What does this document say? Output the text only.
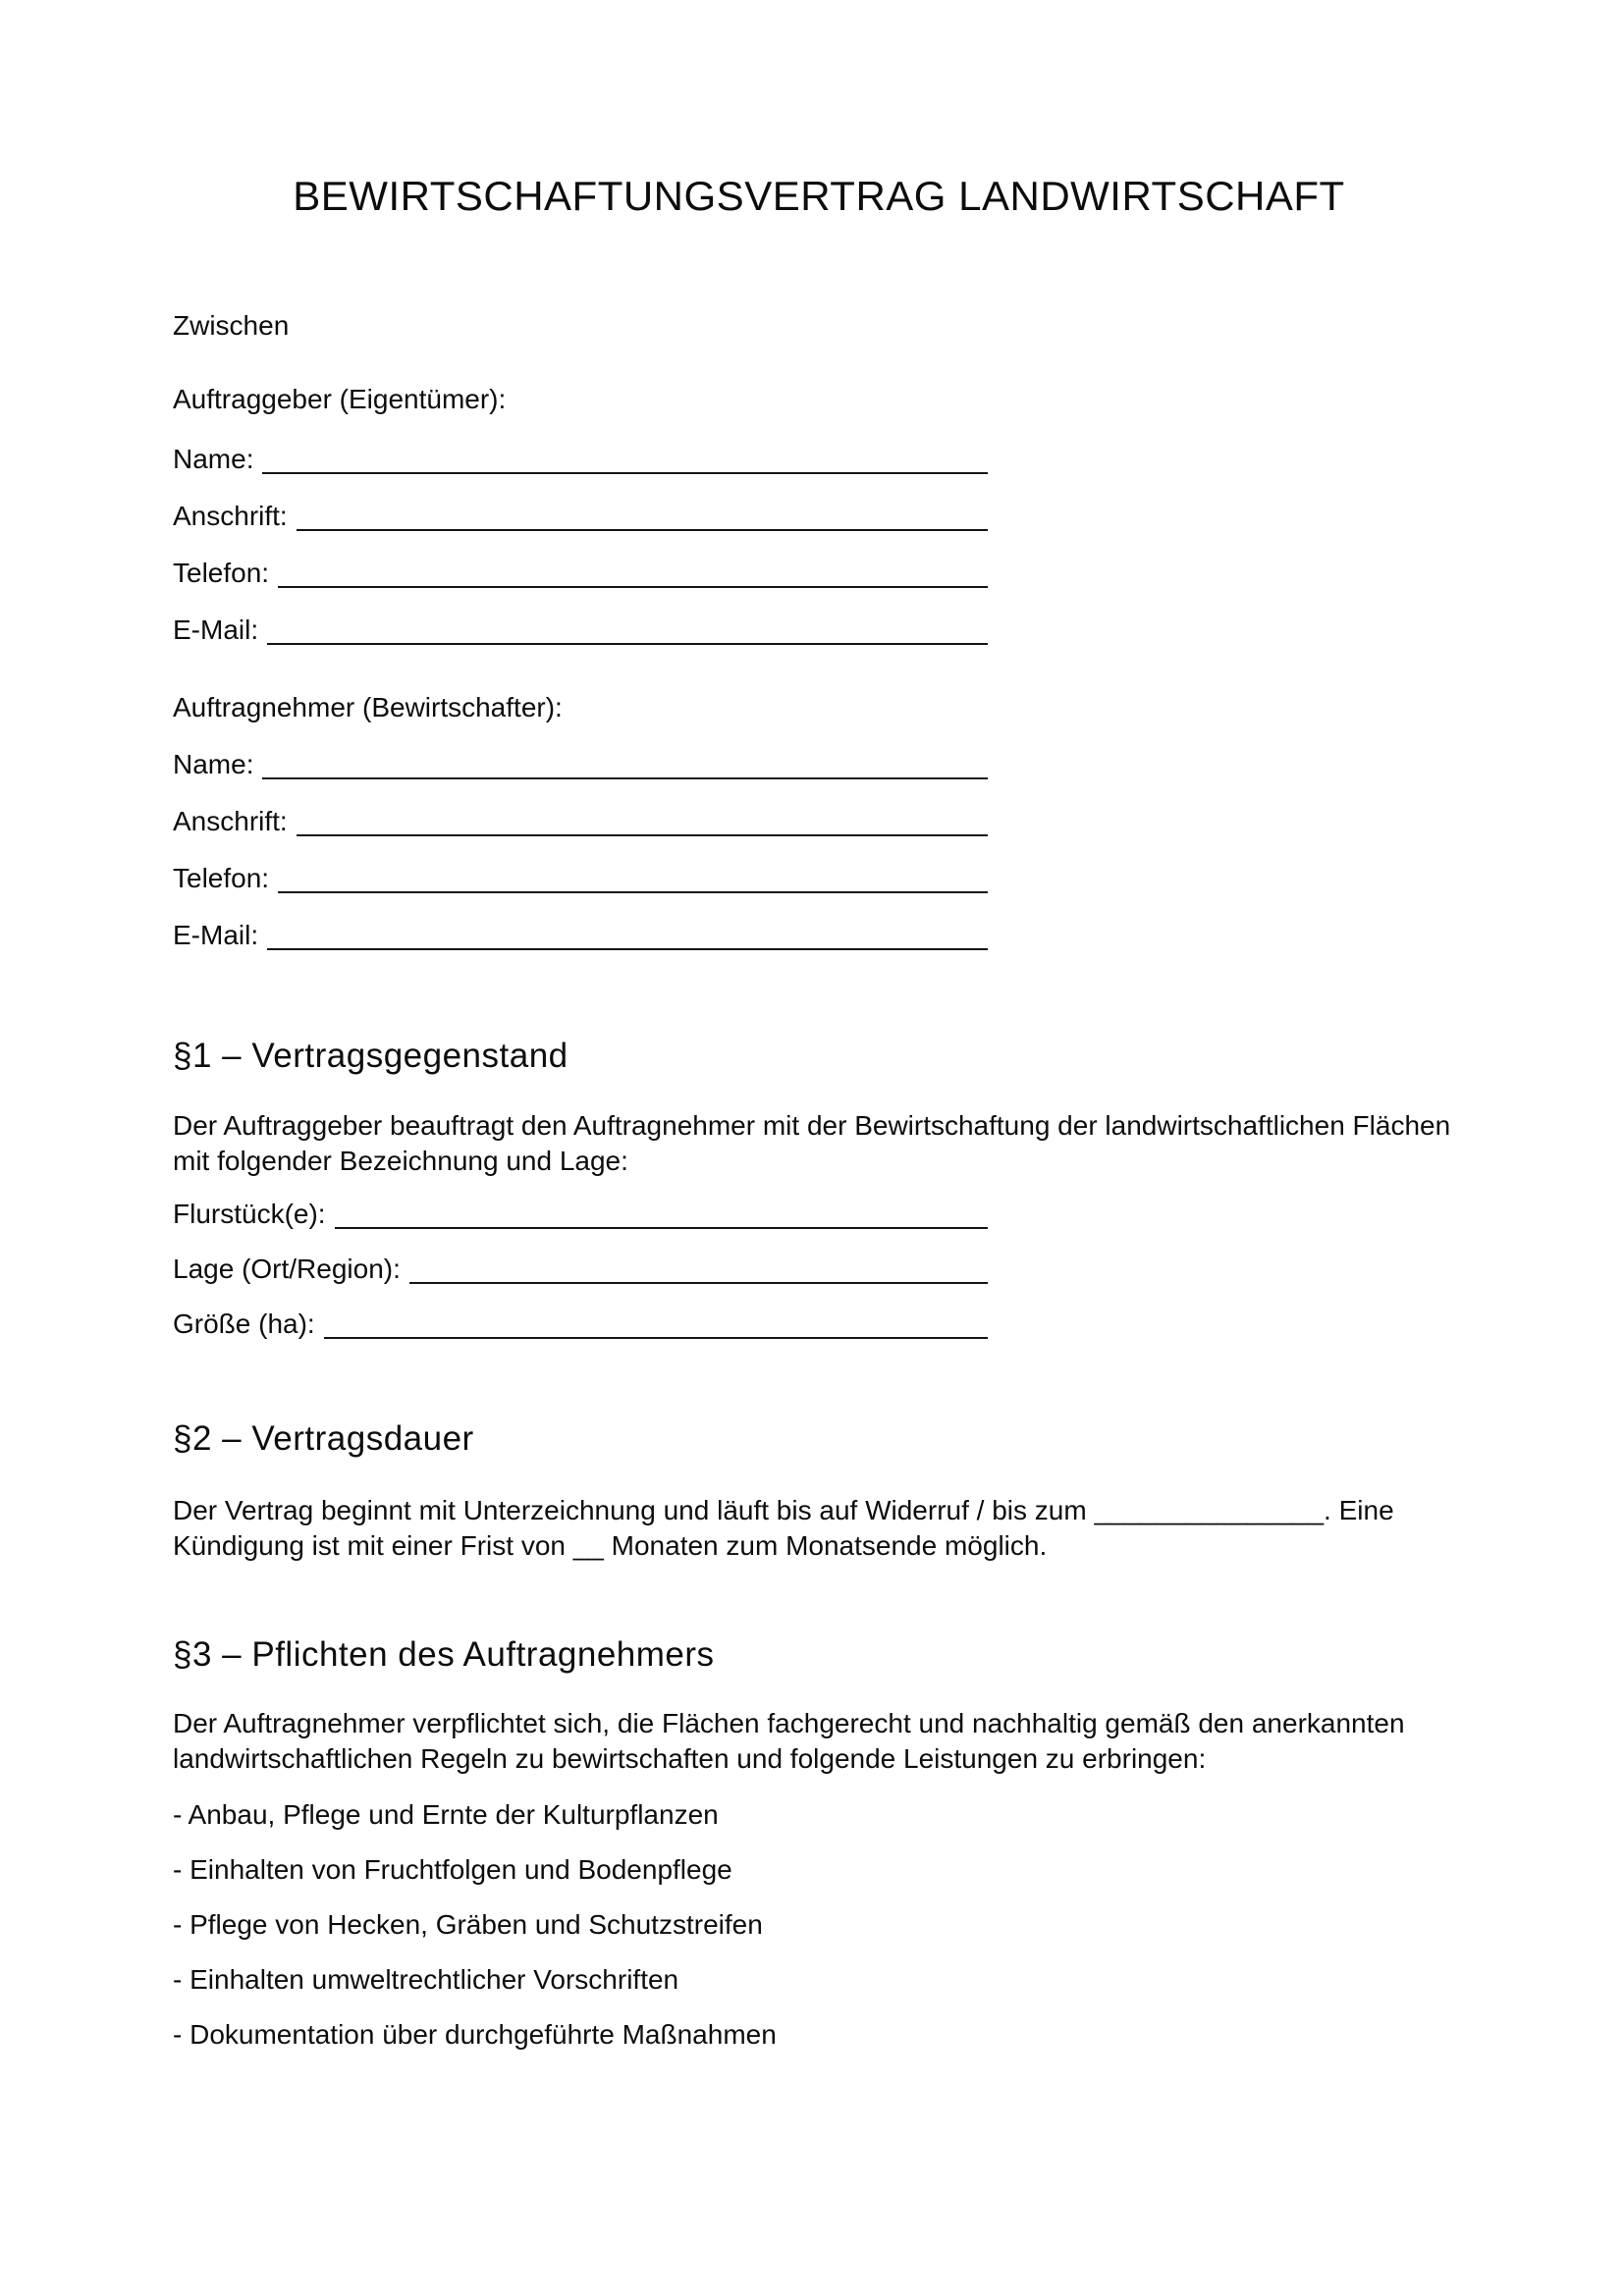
BEWIRTSCHAFTUNGSVERTRAG LANDWIRTSCHAFT
Zwischen
Auftraggeber (Eigentümer):
Name:
Anschrift:
Telefon:
E-Mail:
Auftragnehmer (Bewirtschafter):
Name:
Anschrift:
Telefon:
E-Mail:
§1 – Vertragsgegenstand

Der Auftraggeber beauftragt den Auftragnehmer mit der Bewirtschaftung der landwirtschaftlichen Flächen mit folgender Bezeichnung und Lage:

Flurstück(e):
Lage (Ort/Region):
Größe (ha):
§2 – Vertragsdauer

Der Vertrag beginnt mit Unterzeichnung und läuft bis auf Widerruf / bis zum _______________. Eine Kündigung ist mit einer Frist von __ Monaten zum Monatsende möglich.

§3 – Pflichten des Auftragnehmers

Der Auftragnehmer verpflichtet sich, die Flächen fachgerecht und nachhaltig gemäß den anerkannten landwirtschaftlichen Regeln zu bewirtschaften und folgende Leistungen zu erbringen:

- Anbau, Pflege und Ernte der Kulturpflanzen
- Einhalten von Fruchtfolgen und Bodenpflege
- Pflege von Hecken, Gräben und Schutzstreifen
- Einhalten umweltrechtlicher Vorschriften
- Dokumentation über durchgeführte Maßnahmen
